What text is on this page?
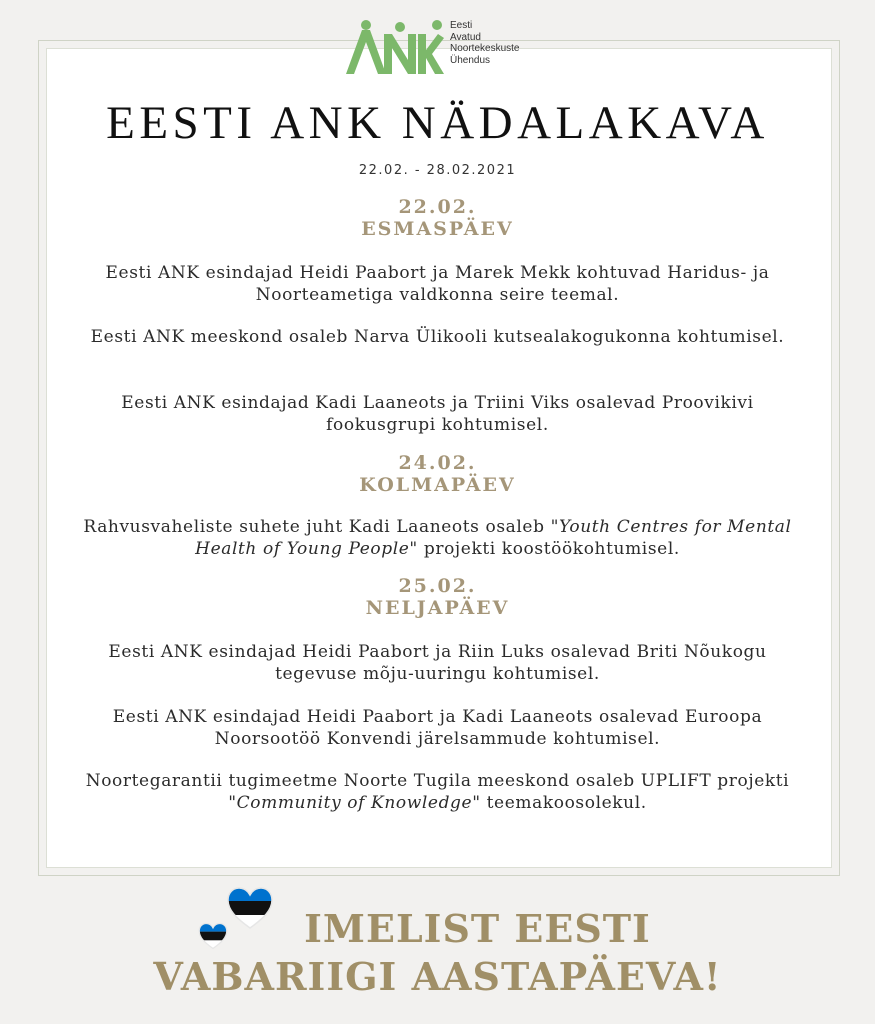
Eesti
Avatud
Noortekeskuste
Ühendus
EESTI ANK NÄDALAKAVA
22.02. - 28.02.2021
22.02.
ESMASPÄEV
Eesti ANK esindajad Heidi Paabort ja Marek Mekk kohtuvad Haridus- ja Noorteametiga valdkonna seire teemal.
Eesti ANK meeskond osaleb Narva Ülikooli kutsealakogukonna kohtumisel.
Eesti ANK esindajad Kadi Laaneots ja Triini Viks osalevad Proovikivi fookusgrupi kohtumisel.
24.02.
KOLMAPÄEV
Rahvusvaheliste suhete juht Kadi Laaneots osaleb "Youth Centres for Mental Health of Young People" projekti koostöökohtumisel.
25.02.
NELJAPÄEV
Eesti ANK esindajad Heidi Paabort ja Riin Luks osalevad Briti Nõukogu tegevuse mõju-uuringu kohtumisel.
Eesti ANK esindajad Heidi Paabort ja Kadi Laaneots osalevad Euroopa Noorsootöö Konvendi järelsammude kohtumisel.
Noortegarantii tugimeetme Noorte Tugila meeskond osaleb UPLIFT projekti "Community of Knowledge" teemakoosolekul.
IMELIST EESTI
VABARIIGI AASTAPÄEVA!
